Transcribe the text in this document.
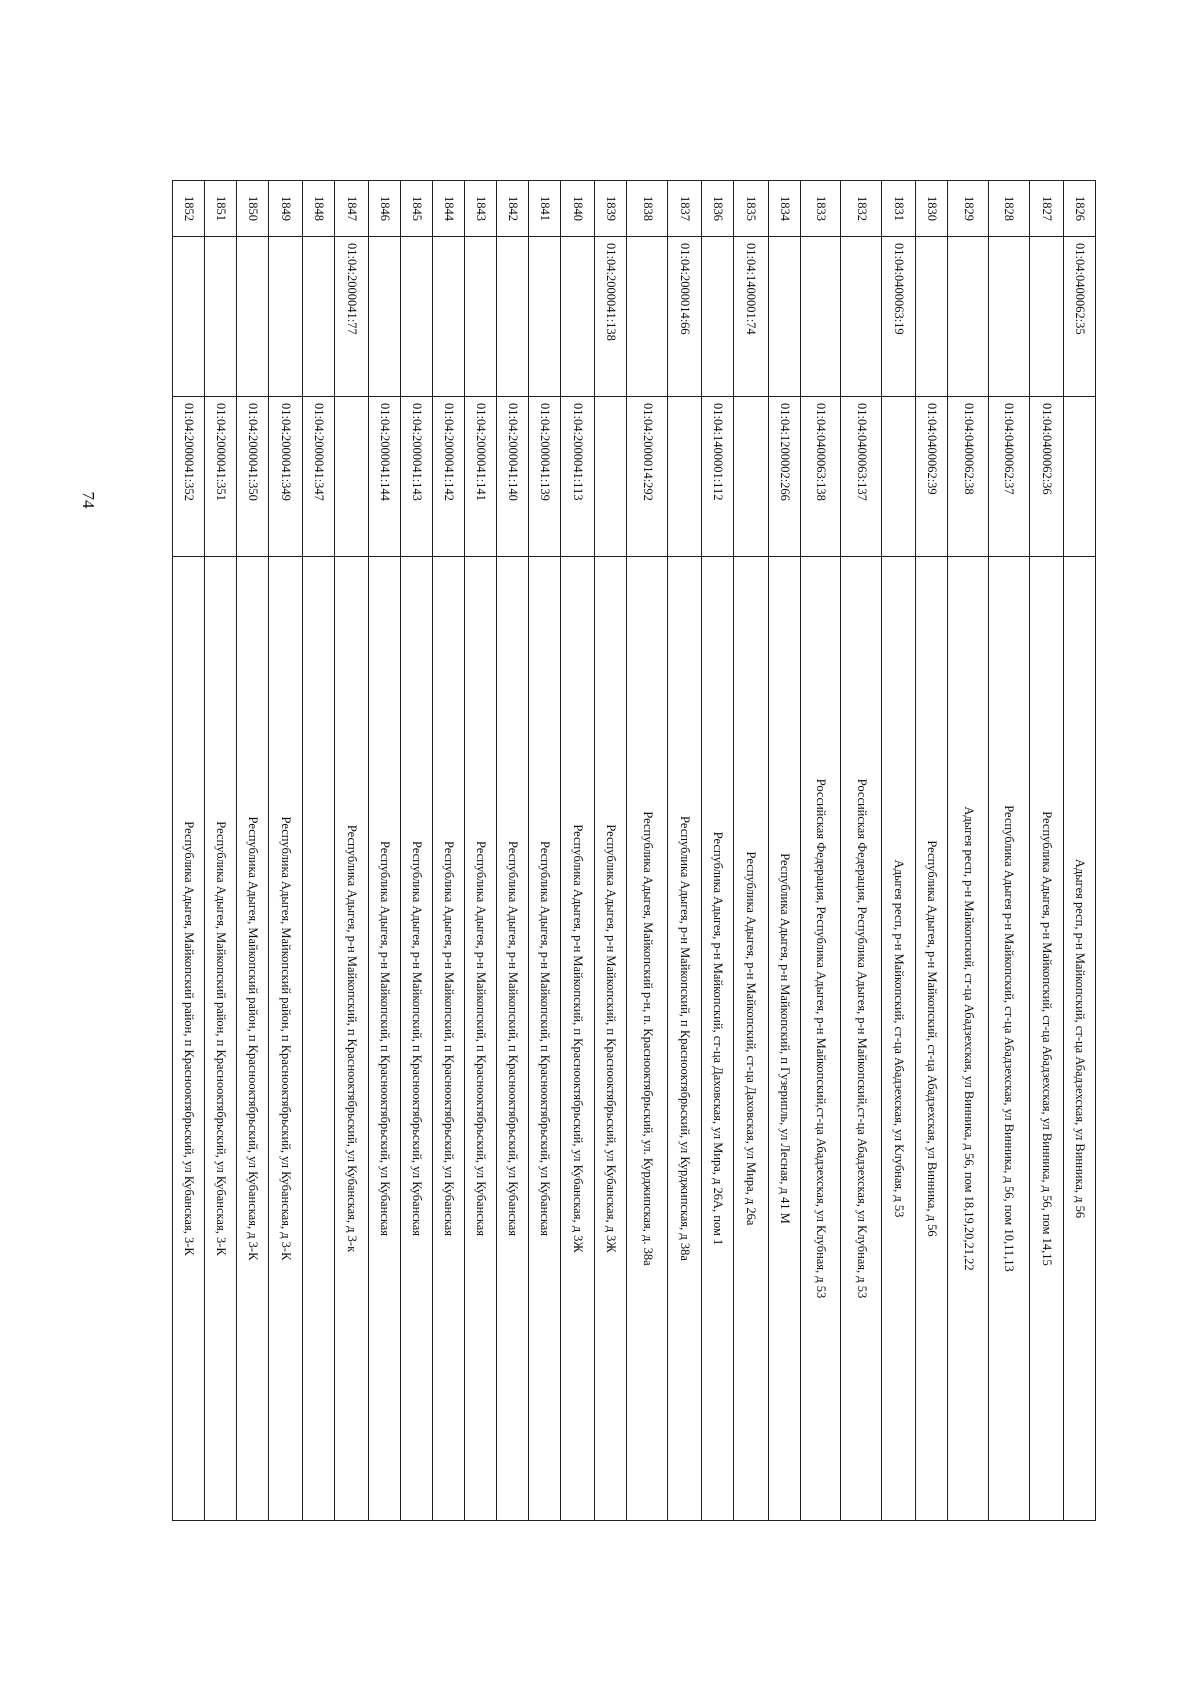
74
1826	01:04:0400062:35		Адыгея респ, р-н Майкопский, ст-ца Абадзехская, ул Винника, д 56
1827		01:04:0400062:36	Республика Адыгея, р-н Майкопский, ст-ца Абадзехская, ул Винника, д 56, пом 14,15
1828		01:04:0400062:37	Республика Адыгея р-н Майкопский, ст-ца Абадзехская, ул Винника, д 56, пом 10,11,13
1829		01:04:0400062:38	Адыгея респ, р-н Майкопский, ст-ца Абадзехская, ул Винника, д 56, пом 18,19,20,21,22
1830		01:04:0400062:39	Республика Адыгея, р-н Майкопский, ст-ца Абадзехская, ул Винника, д 56
1831	01:04:0400063:19		Адыгея респ, р-н Майкопский, ст-ца Абадзехская, ул Клубная, д 53
1832		01:04:0400063:137	Российская Федерация, Республика Адыгея, р-н Майкопский,ст-ца Абадзехская, ул Клубная, д 53
1833		01:04:0400063:138	Российская Федерация, Республика Адыгея, р-н Майкопский,ст-ца Абадзехская, ул Клубная, д 53
1834		01:04:1200002:266	Республика Адыгея, р-н Майкопский, п Гузерипль, ул Лесная, д 41 М
1835	01:04:1400001:74		Республика Адыгея, р-н Майкопский, ст-ца Даховская, ул Мира, д 26а
1836		01:04:1400001:112	Республика Адыгея, р-н Майкопский, ст-ца Даховская, ул Мира, д 26А, пом 1
1837	01:04:2000014:66		Республика Адыгея, р-н Майкопский, п Краснооктябрьский, ул Курджипская, д 38а
1838		01:04:2000014:292	Республика Адыгея, Майкопский р-н, п. Краснооктябрьский, ул. Курджипская, д. 38а
1839	01:04:2000041:138		Республика Адыгея, р-н Майкопский, п Краснооктябрьский, ул Кубанская, д 3Ж
1840		01:04:2000041:113	Республика Адыгея, р-н Майкопский, п Краснооктябрьский, ул Кубанская, д 3Ж
1841		01:04:2000041:139	Республика Адыгея, р-н Майкопский, п Краснооктябрьский, ул Кубанская
1842		01:04:2000041:140	Республика Адыгея, р-н Майкопский, п Краснооктябрьский, ул Кубанская
1843		01:04:2000041:141	Республика Адыгея, р-н Майкопский, п Краснооктябрьский, ул Кубанская
1844		01:04:2000041:142	Республика Адыгея, р-н Майкопский, п Краснооктябрьский, ул Кубанская
1845		01:04:2000041:143	Республика Адыгея, р-н Майкопский, п Краснооктябрьский, ул Кубанская
1846		01:04:2000041:144	Республика Адыгея, р-н Майкопский, п Краснооктябрьский, ул Кубанская
1847	01:04:2000041:77		Республика Адыгея, р-н Майкопский, п Краснооктябрьский, ул Кубанская, д 3-к
1848		01:04:2000041:347	
1849		01:04:2000041:349	Республика Адыгея, Майкопский район, п Краснооктябрьский, ул Кубанская, д 3-К
1850		01:04:2000041:350	Республика Адыгея, Майкопский район, п Краснооктябрьский, ул Кубанская, д 3-К
1851		01:04:2000041:351	Республика Адыгея, Майкопский район, п Краснооктябрьский, ул Кубанская, 3-К
1852		01:04:2000041:352	Республика Адыгея, Майкопский район, п Краснооктябрьский, ул Кубанская, 3-К
